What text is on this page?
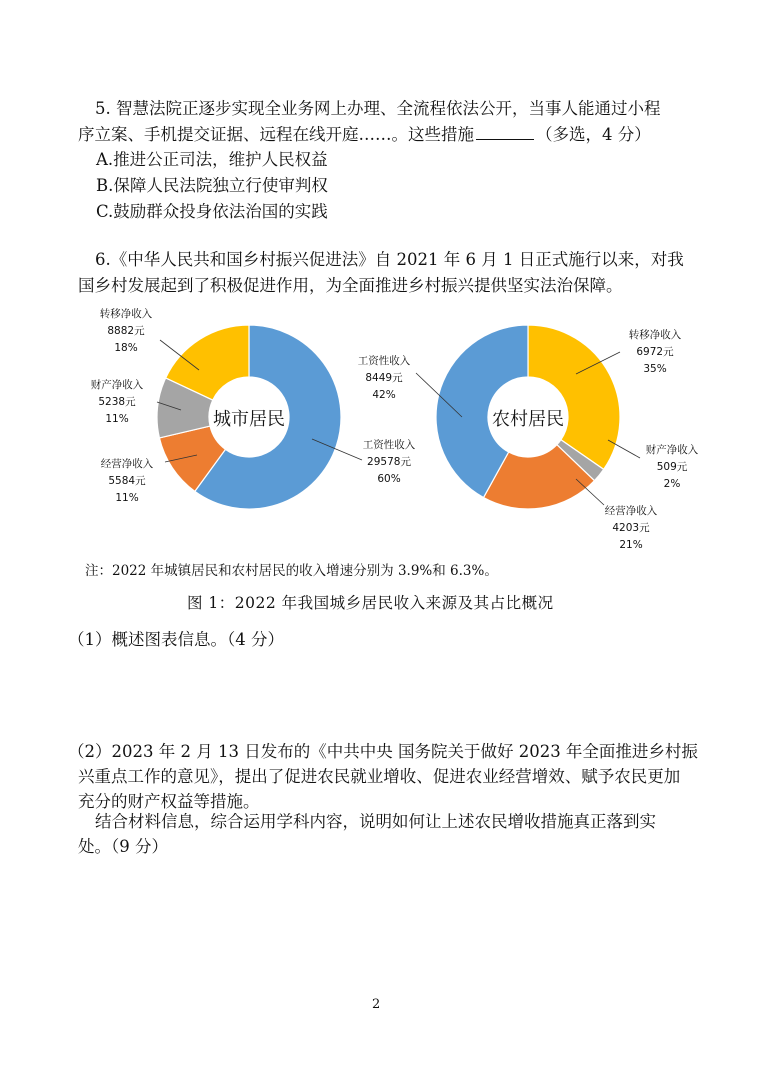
5. 智慧法院正逐步实现全业务网上办理、全流程依法公开，当事人能通过小程
序立案、手机提交证据、远程在线开庭……。这些措施	（多选，4 分）
A.推进公正司法，维护人民权益
B.保障人民法院独立行使审判权
C.鼓励群众投身依法治国的实践
6.《中华人民共和国乡村振兴促进法》自 2021 年 6 月 1 日正式施行以来，对我
国乡村发展起到了积极促进作用，为全面推进乡村振兴提供坚实法治保障。
城市居民
工资性收入
29578元
60%
经营净收入
5584元
11%
财产净收入
5238元
11%
转移净收入
8882元
18%
农村居民
转移净收入
6972元
35%
财产净收入
509元
2%
经营净收入
4203元
21%
工资性收入
8449元
42%
注：2022 年城镇居民和农村居民的收入增速分别为 3.9%和 6.3%。
图 1：2022 年我国城乡居民收入来源及其占比概况
（1）概述图表信息。（4 分）
（2）2023 年 2 月 13 日发布的《中共中央 国务院关于做好 2023 年全面推进乡村振
兴重点工作的意见》，提出了促进农民就业增收、促进农业经营增效、赋予农民更加
充分的财产权益等措施。
结合材料信息，综合运用学科内容，说明如何让上述农民增收措施真正落到实
处。（9 分）
2
